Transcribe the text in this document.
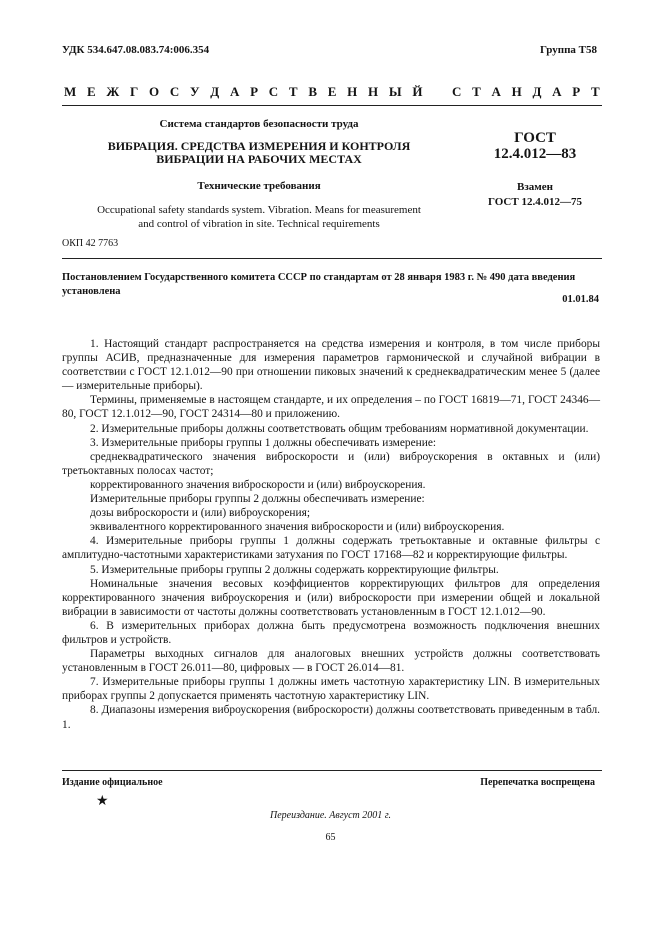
УДК 534.647.08.083.74:006.354	Группа Т58
М Е Ж Г О С У Д А Р С Т В Е Н Н Ы Й С Т А Н Д А Р Т
Система стандартов безопасности труда
ВИБРАЦИЯ. СРЕДСТВА ИЗМЕРЕНИЯ И КОНТРОЛЯ
ВИБРАЦИИ НА РАБОЧИХ МЕСТАХ
Технические требования
Occupational safety standards system. Vibration. Means for measurement
and control of vibration in site. Technical requirements
ГОСТ
12.4.012—83
Взамен
ГОСТ 12.4.012—75
ОКП 42 7763
Постановлением Государственного комитета СССР по стандартам от 28 января 1983 г. № 490 дата введения установлена
01.01.84

1. Настоящий стандарт распространяется на средства измерения и контроля, в том числе приборы группы АСИВ, предназначенные для измерения параметров гармонической и случайной вибрации в соответствии с ГОСТ 12.1.012—90 при отношении пиковых значений к среднеквадратическим менее 5 (далее — измерительные приборы).

Термины, применяемые в настоящем стандарте, и их определения – по ГОСТ 16819—71, ГОСТ 24346—80, ГОСТ 12.1.012—90, ГОСТ 24314—80 и приложению.

2. Измерительные приборы должны соответствовать общим требованиям нормативной документации.

3. Измерительные приборы группы 1 должны обеспечивать измерение:

среднеквадратического значения виброскорости и (или) виброускорения в октавных и (или) третьоктавных полосах частот;

корректированного значения виброскорости и (или) виброускорения.

Измерительные приборы группы 2 должны обеспечивать измерение:

дозы виброскорости и (или) виброускорения;

эквивалентного корректированного значения виброскорости и (или) виброускорения.

4. Измерительные приборы группы 1 должны содержать третьоктавные и октавные фильтры с амплитудно-частотными характеристиками затухания по ГОСТ 17168—82 и корректирующие фильтры.

5. Измерительные приборы группы 2 должны содержать корректирующие фильтры.

Номинальные значения весовых коэффициентов корректирующих фильтров для определения корректированного значения виброускорения и (или) виброскорости при измерении общей и локальной вибрации в зависимости от частоты должны соответствовать установленным в ГОСТ 12.1.012—90.

6. В измерительных приборах должна быть предусмотрена возможность подключения внешних фильтров и устройств.

Параметры выходных сигналов для аналоговых внешних устройств должны соответствовать установленным в ГОСТ 26.011—80, цифровых — в ГОСТ 26.014—81.

7. Измерительные приборы группы 1 должны иметь частотную характеристику LIN. В измерительных приборах группы 2 допускается применять частотную характеристику LIN.

8. Диапазоны измерения виброускорения (виброскорости) должны соответствовать приведенным в табл. 1.

Издание официальное	Перепечатка воспрещена
★
Переиздание. Август 2001 г.
65
